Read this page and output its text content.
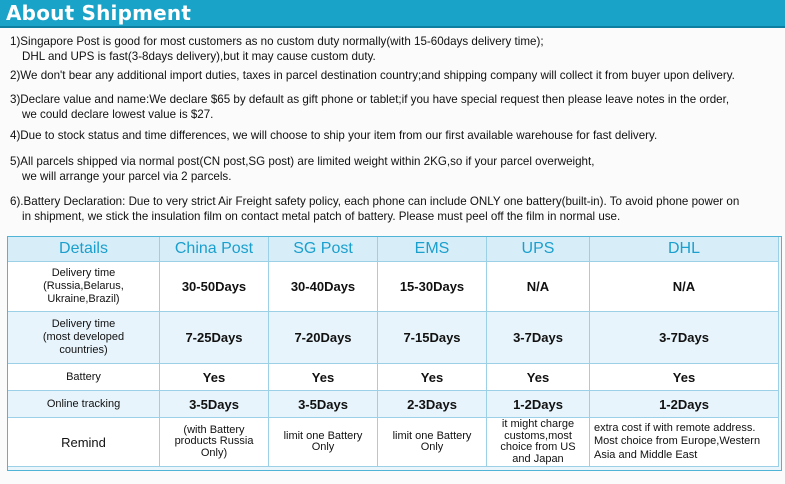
About Shipment
1)Singapore Post is good for most customers as no custom duty normally(with 15-60days delivery time);
DHL and UPS is fast(3-8days delivery),but it may cause custom duty.
2)We don't bear any additional import duties, taxes in parcel destination country;and shipping company will collect it from buyer upon delivery.
3)Declare value and name:We declare $65 by default as gift phone or tablet;if you have special request then please leave notes in the order,
we could declare lowest value is $27.
4)Due to stock status and time differences, we will choose to ship your item from our first available warehouse for fast delivery.
5)All parcels shipped via normal post(CN post,SG post) are limited weight within 2KG,so if your parcel overweight,
we will arrange your parcel via 2 parcels.
6).Battery Declaration: Due to very strict Air Freight safety policy, each phone can include ONLY one battery(built-in). To avoid phone power on
in shipment, we stick the insulation film on contact metal patch of battery. Please must peel off the film in normal use.
Details	China Post	SG Post	EMS	UPS	DHL
Delivery time
(Russia,Belarus,
Ukraine,Brazil)	30-50Days	30-40Days	15-30Days	N/A	N/A
Delivery time
(most developed
countries)	7-25Days	7-20Days	7-15Days	3-7Days	3-7Days
Battery	Yes	Yes	Yes	Yes	Yes
Online tracking	3-5Days	3-5Days	2-3Days	1-2Days	1-2Days
Remind	(with Battery
products Russia
Only)	limit one Battery
Only	limit one Battery
Only	it might charge
customs,most
choice from US
and Japan	extra cost if with remote address.
Most choice from Europe,Western
Asia and Middle East
